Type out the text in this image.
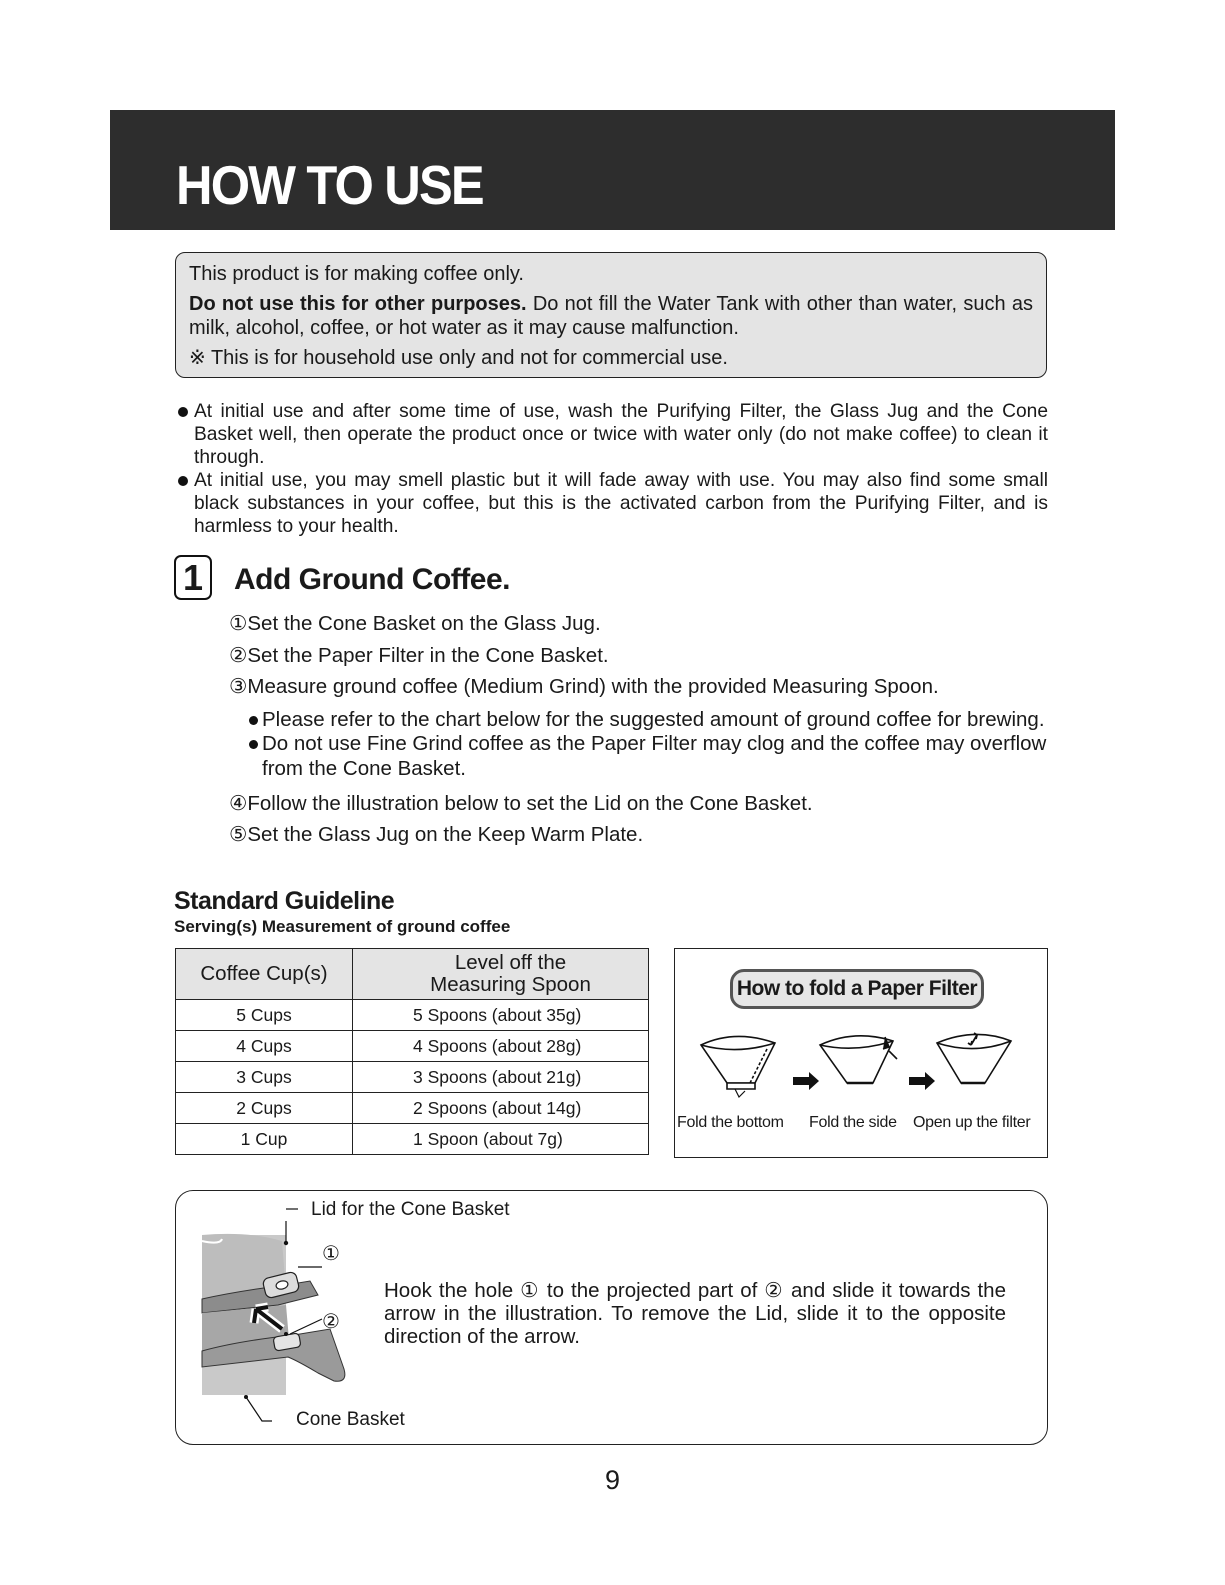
HOW TO USE

This product is for making coffee only.

Do not use this for other purposes. Do not fill the Water Tank with other than water, such as milk, alcohol, coffee, or hot water as it may cause malfunction.

※ This is for household use only and not for commercial use.

At initial use and after some time of use, wash the Purifying Filter, the Glass Jug and the Cone Basket well, then operate the product once or twice with water only (do not make coffee) to clean it through.
At initial use, you may smell plastic but it will fade away with use. You may also find some small black substances in your coffee, but this is the activated carbon from the Purifying Filter, and is harmless to your health.
1 Add Ground Coffee.

①Set the Cone Basket on the Glass Jug.

②Set the Paper Filter in the Cone Basket.

③Measure ground coffee (Medium Grind) with the provided Measuring Spoon.

Please refer to the chart below for the suggested amount of ground coffee for brewing.
Do not use Fine Grind coffee as the Paper Filter may clog and the coffee may overflow from the Cone Basket.

④Follow the illustration below to set the Lid on the Cone Basket.

⑤Set the Glass Jug on the Keep Warm Plate.

Standard Guideline

Serving(s) Measurement of ground coffee

Coffee Cup(s)	Level off the Measuring Spoon
5 Cups	5 Spoons (about 35g)
4 Cups	4 Spoons (about 28g)
3 Cups	3 Spoons (about 21g)
2 Cups	2 Spoons (about 14g)
1 Cup	1 Spoon (about 7g)
How to fold a Paper Filter
Fold the bottom Fold the side Open up the filter
Lid for the Cone Basket
①
②
Cone Basket

Hook the hole ① to the projected part of ② and slide it towards the arrow in the illustration. To remove the Lid, slide it to the opposite direction of the arrow.

9
